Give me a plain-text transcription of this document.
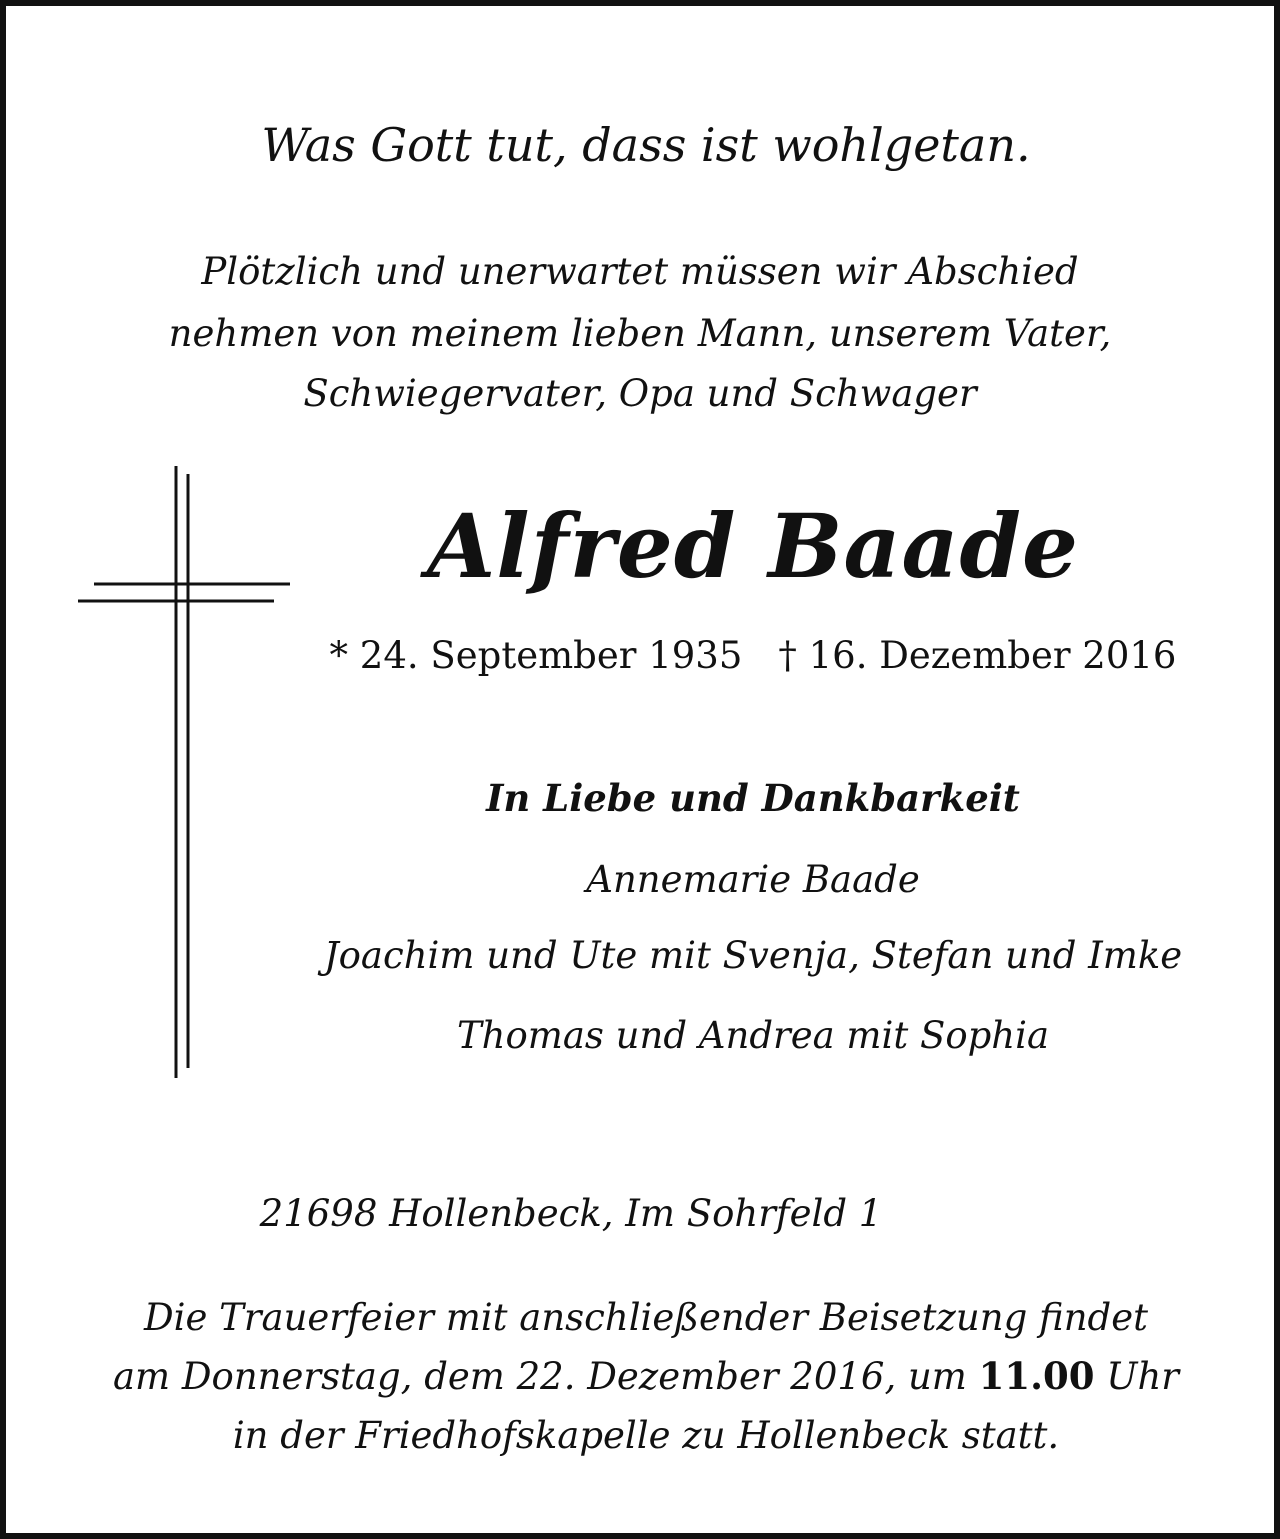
Was Gott tut, dass ist wohlgetan.
Plötzlich und unerwartet müssen wir Abschied
nehmen von meinem lieben Mann, unserem Vater,
Schwiegervater, Opa und Schwager
Alfred Baade
* 24. September 1935 † 16. Dezember 2016
In Liebe und Dankbarkeit
Annemarie Baade
Joachim und Ute mit Svenja, Stefan und Imke
Thomas und Andrea mit Sophia
21698 Hollenbeck, Im Sohrfeld 1
Die Trauerfeier mit anschließender Beisetzung findet
am Donnerstag, dem 22. Dezember 2016, um 11.00 Uhr
in der Friedhofskapelle zu Hollenbeck statt.
